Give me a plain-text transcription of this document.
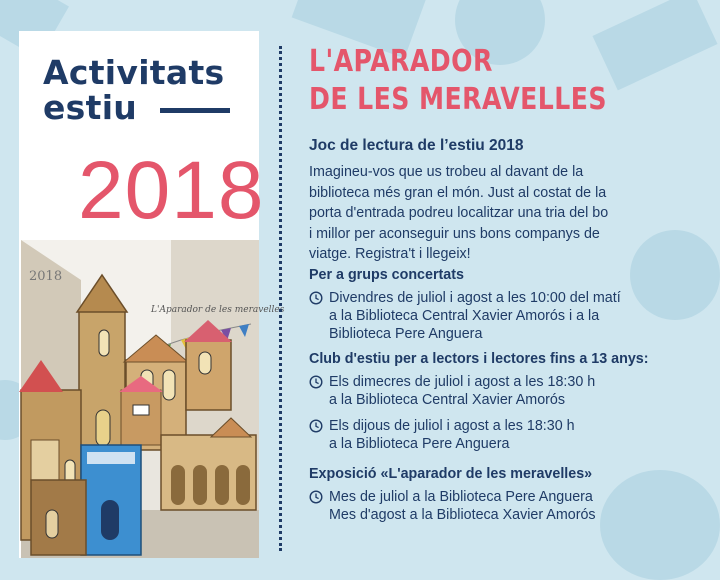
Activitats
estiu
2018
2018
L'Aparador de les meravelles
L'APARADOR
DE LES MERAVELLES
Joc de lectura de l’estiu 2018
Imagineu-vos que us trobeu al davant de la
biblioteca més gran el món. Just al costat de la
porta d'entrada podreu localitzar una tria del bo
i millor per aconseguir uns bons companys de
viatge. Registra't i llegeix!
Per a grups concertats
Divendres de juliol i agost a les 10:00 del matí
a la Biblioteca Central Xavier Amorós i a la
Biblioteca Pere Anguera
Club d'estiu per a lectors i lectores fins a 13 anys:
Els dimecres de juliol i agost a les 18:30 h
a la Biblioteca Central Xavier Amorós
Els dijous de juliol i agost a les 18:30 h
a la Biblioteca Pere Anguera
Exposició «L'aparador de les meravelles»
Mes de juliol a la Biblioteca Pere Anguera
Mes d'agost a la Biblioteca Xavier Amorós
